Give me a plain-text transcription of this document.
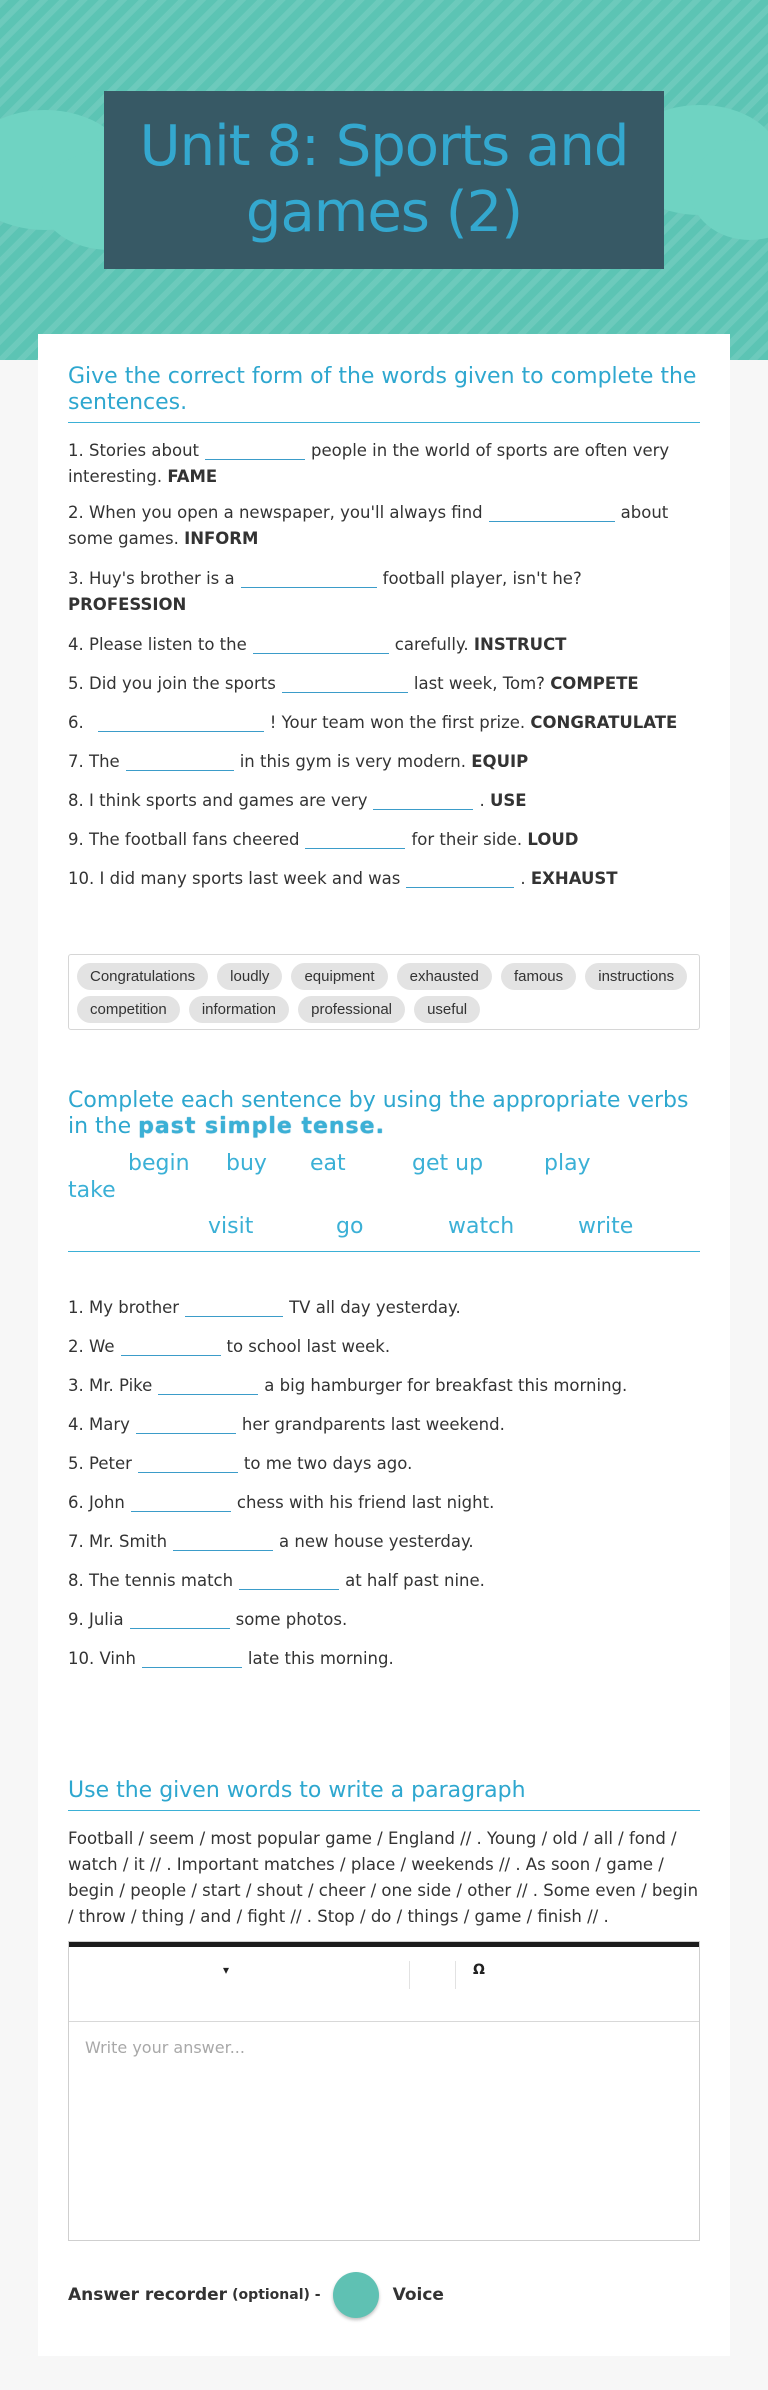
Unit 8: Sports and games (2)
Give the correct form of the words given to complete the sentences.
1. Stories about	people in the world of sports are often very interesting. FAME
2. When you open a newspaper, you'll always find	about some games. INFORM
3. Huy's brother is a	football player, isn't he? PROFESSION
4. Please listen to the	carefully. INSTRUCT
5. Did you join the sports	last week, Tom? COMPETE
6.	! Your team won the first prize. CONGRATULATE
7. The	in this gym is very modern. EQUIP
8. I think sports and games are very	. USE
9. The football fans cheered	for their side. LOUD
10. I did many sports last week and was	. EXHAUST
Congratulations loudly equipment exhausted famous instructions competition information professional useful
Complete each sentence by using the appropriate verbs in the past simple tense.
begin buy eat	get up	play
take
visit	go	watch	write
1. My brother	TV all day yesterday.
2. We	to school last week.
3. Mr. Pike	a big hamburger for breakfast this morning.
4. Mary	her grandparents last weekend.
5. Peter	to me two days ago.
6. John	chess with his friend last night.
7. Mr. Smith	a new house yesterday.
8. The tennis match	at half past nine.
9. Julia	some photos.
10. Vinh	late this morning.
Use the given words to write a paragraph
Football / seem / most popular game / England // . Young / old / all / fond / watch / it // . Important matches / place / weekends // . As soon / game / begin / people / start / shout / cheer / one side / other // . Some even / begin / throw / thing / and / fight // . Stop / do / things / game / finish // .
▾	Ω
Write your answer...
Answer recorder
(optional) -	Voice
